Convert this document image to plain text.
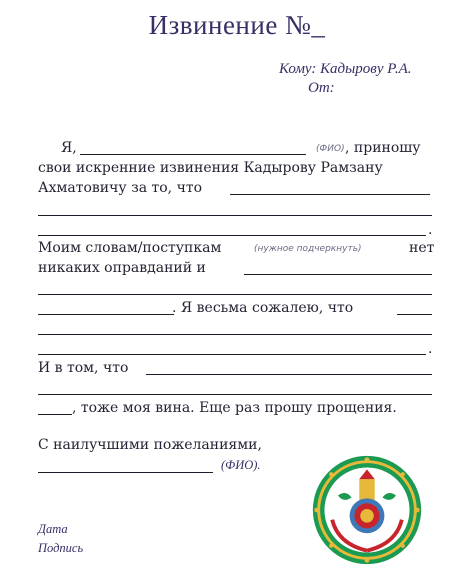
Извинение №_
Кому: Кадырову Р.А.
От:
Я,	(ФИО) , приношу
свои искренние извинения Кадырову Рамзану
Ахматовичу за то, что
.
Моим словам/поступкам	(нужное подчеркнуть)	нет
никаких оправданий и
. Я весьма сожалею, что
.
И в том, что
, тоже моя вина. Еще раз прошу прощения.
С наилучшими пожеланиями,
(ФИО).
Дата
Подпись
